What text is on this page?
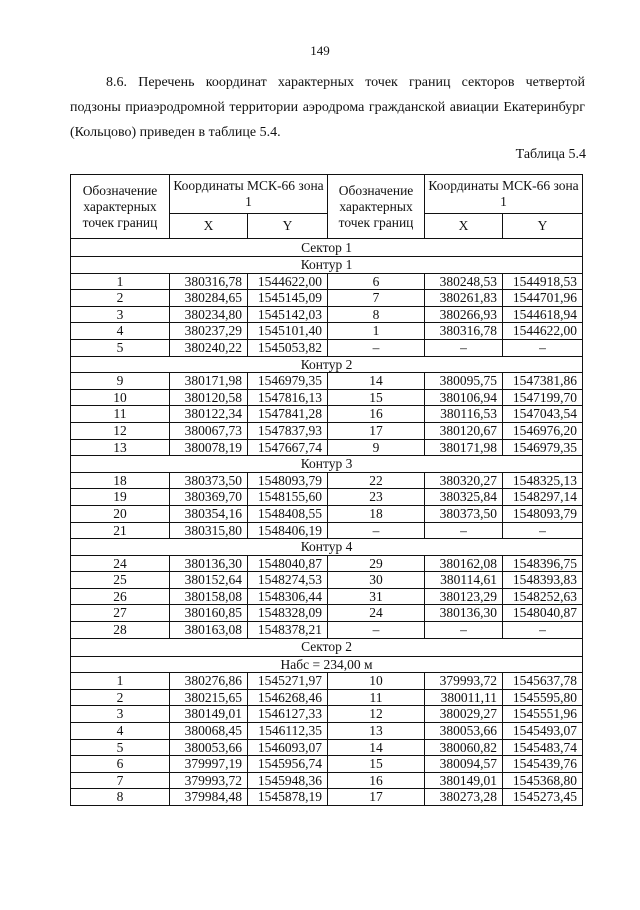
149
8.6. Перечень координат характерных точек границ секторов четвертой подзоны приаэродромной территории аэродрома гражданской авиации Екатеринбург (Кольцово) приведен в таблице 5.4.
Таблица 5.4
Обозначение характерных точек границ	Координаты МСК-66 зона 1		Обозначение характерных точек границ	Координаты МСК-66 зона 1	
	X	Y		X	Y
Сектор 1					
Контур 1					
1	380316,78	1544622,00	6	380248,53	1544918,53
2	380284,65	1545145,09	7	380261,83	1544701,96
3	380234,80	1545142,03	8	380266,93	1544618,94
4	380237,29	1545101,40	1	380316,78	1544622,00
5	380240,22	1545053,82	–	–	–
Контур 2					
9	380171,98	1546979,35	14	380095,75	1547381,86
10	380120,58	1547816,13	15	380106,94	1547199,70
11	380122,34	1547841,28	16	380116,53	1547043,54
12	380067,73	1547837,93	17	380120,67	1546976,20
13	380078,19	1547667,74	9	380171,98	1546979,35
Контур 3					
18	380373,50	1548093,79	22	380320,27	1548325,13
19	380369,70	1548155,60	23	380325,84	1548297,14
20	380354,16	1548408,55	18	380373,50	1548093,79
21	380315,80	1548406,19	–	–	–
Контур 4					
24	380136,30	1548040,87	29	380162,08	1548396,75
25	380152,64	1548274,53	30	380114,61	1548393,83
26	380158,08	1548306,44	31	380123,29	1548252,63
27	380160,85	1548328,09	24	380136,30	1548040,87
28	380163,08	1548378,21	–	–	–
Сектор 2					
Набс = 234,00 м					
1	380276,86	1545271,97	10	379993,72	1545637,78
2	380215,65	1546268,46	11	380011,11	1545595,80
3	380149,01	1546127,33	12	380029,27	1545551,96
4	380068,45	1546112,35	13	380053,66	1545493,07
5	380053,66	1546093,07	14	380060,82	1545483,74
6	379997,19	1545956,74	15	380094,57	1545439,76
7	379993,72	1545948,36	16	380149,01	1545368,80
8	379984,48	1545878,19	17	380273,28	1545273,45
